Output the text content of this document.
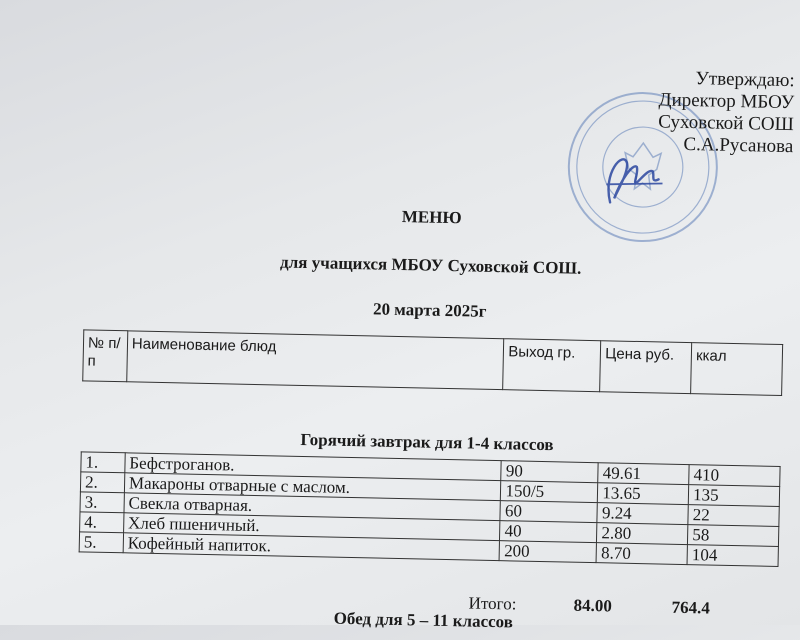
Утверждаю:
Директор МБОУ
Суховской СОШ
С.А.Русанова
МЕНЮ
для учащихся МБОУ Суховской СОШ.
20 марта 2025г
№ п/п	Наименование блюд	Выход гр.	Цена руб.	ккал
Горячий завтрак для 1-4 классов
1.	Бефстроганов.	90	49.61	410
2.	Макароны отварные с маслом.	150/5	13.65	135
3.	Свекла отварная.	60	9.24	22
4.	Хлеб пшеничный.	40	2.80	58
5.	Кофейный напиток.	200	8.70	104
Итого:	84.00	764.4
Обед для 5 – 11 классов
